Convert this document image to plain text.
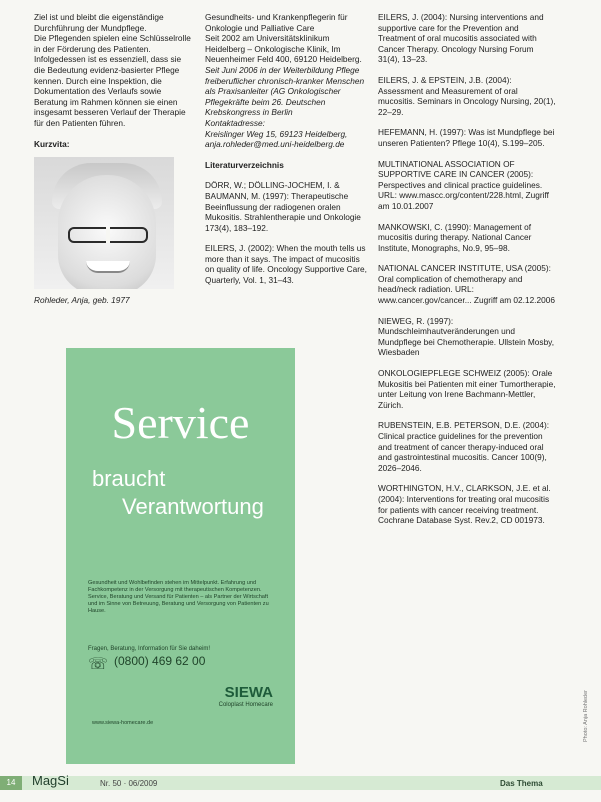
Ziel ist und bleibt die eigenständige Durchführung der Mundpflege.

Die Pflegenden spielen eine Schlüsselrolle in der Förderung des Patienten. Infolgedessen ist es essenziell, dass sie die Bedeutung evidenz-basierter Pflege kennen. Durch eine Inspektion, die Dokumentation des Verlaufs sowie Beratung im Rahmen können sie einen insgesamt besseren Verlauf der Therapie für den Patienten führen.

Kurzvita:

Rohleder, Anja, geb. 1977

Gesundheits- und Krankenpflegerin für Onkologie und Palliative Care

Seit 2002 am Universitätsklinikum Heidelberg – Onkologische Klinik, Im Neuenheimer Feld 400, 69120 Heidelberg.

Seit Juni 2006 in der Weiterbildung Pflege freiberuflicher chronisch-kranker Menschen als Praxisanleiter (AG Onkologischer Pflegekräfte beim 26. Deutschen Krebskongress in Berlin

Kontaktadresse:

Kreislinger Weg 15, 69123 Heidelberg, anja.rohleder@med.uni-heidelberg.de

Literaturverzeichnis

DÖRR, W.; DÖLLING-JOCHEM, I. & BAUMANN, M. (1997): Therapeutische Beeinflussung der radiogenen oralen Mukositis. Strahlentherapie und Onkologie 173(4), 183–192.

EILERS, J. (2002): When the mouth tells us more than it says. The impact of mucositis on quality of life. Oncology Supportive Care, Quarterly, Vol. 1, 31–43.

EILERS, J. (2004): Nursing interventions and supportive care for the Prevention and Treatment of oral mucositis associated with Cancer Therapy. Oncology Nursing Forum 31(4), 13–23.

EILERS, J. & EPSTEIN, J.B. (2004): Assessment and Measurement of oral mucositis. Seminars in Oncology Nursing, 20(1), 22–29.

HEFEMANN, H. (1997): Was ist Mundpflege bei unseren Patienten? Pflege 10(4), S.199–205.

MULTINATIONAL ASSOCIATION OF SUPPORTIVE CARE IN CANCER (2005): Perspectives and clinical practice guidelines. URL: www.mascc.org/content/228.html, Zugriff am 10.01.2007

MANKOWSKI, C. (1990): Management of mucositis during therapy. National Cancer Institute, Monographs, No.9, 95–98.

NATIONAL CANCER INSTITUTE, USA (2005): Oral complication of chemotherapy and head/neck radiation. URL: www.cancer.gov/cancer... Zugriff am 02.12.2006

NIEWEG, R. (1997): Mundschleimhautveränderungen und Mundpflege bei Chemotherapie. Ullstein Mosby, Wiesbaden

ONKOLOGIEPFLEGE SCHWEIZ (2005): Orale Mukositis bei Patienten mit einer Tumortherapie, unter Leitung von Irene Bachmann-Mettler, Zürich.

RUBENSTEIN, E.B. PETERSON, D.E. (2004): Clinical practice guidelines for the prevention and treatment of cancer therapy-induced oral and gastrointestinal mucositis. Cancer 100(9), 2026–2046.

WORTHINGTON, H.V., CLARKSON, J.E. et al. (2004): Interventions for treating oral mucositis for patients with cancer receiving treatment. Cochrane Database Syst. Rev.2, CD 001973.

Service
braucht
Verantwortung
Gesundheit und Wohlbefinden stehen im Mittelpunkt. Erfahrung und Fachkompetenz in der Versorgung mit therapeutischen Kompetenzen. Service, Beratung und Versand für Patienten – als Partner der Wirtschaft und im Sinne von Betreuung, Beratung und Versorgung von Patienten zu Hause.
Fragen, Beratung, Information für Sie daheim!
☏ (0800) 469 62 00
SIEWA
Coloplast Homecare
www.siewa-homecare.de	Photo: Anja Rohleder
14	MagSi	Nr. 50 · 06/2009	Das Thema
